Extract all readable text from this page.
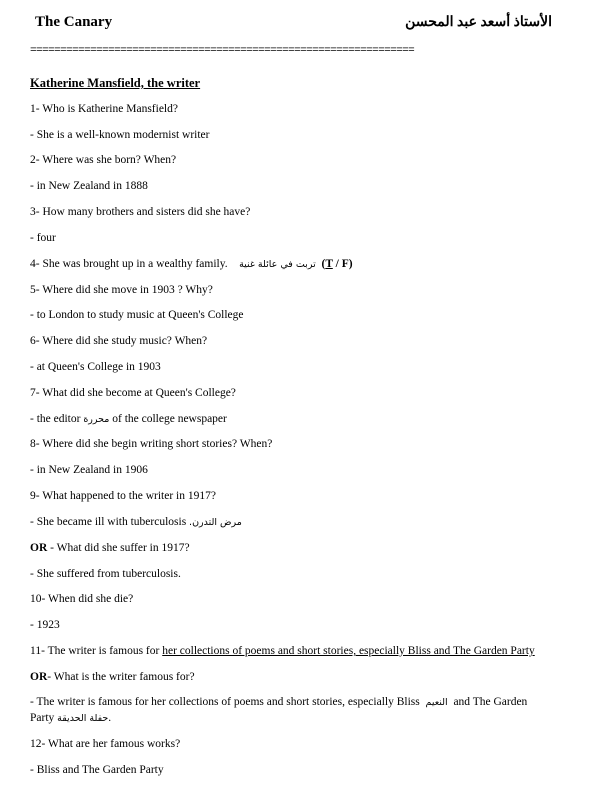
The Canary	الأستاذ أسعد عبد المحسن
================================================================
Katherine Mansfield, the writer
1- Who is Katherine Mansfield?
- She is a well-known modernist writer
2- Where was she born? When?
- in New Zealand in 1888
3- How many brothers and sisters did she have?
- four
4- She was brought up in a wealthy family. تربت في عائلة غنية (T / F)
5- Where did she move in 1903 ? Why?
- to London to study music at Queen's College
6- Where did she study music? When?
- at Queen's College in 1903
7- What did she become at Queen's College?
- the editor محررة of the college newspaper
8- Where did she begin writing short stories? When?
- in New Zealand in 1906
9- What happened to the writer in 1917?
- She became ill with tuberculosis مرض التدرن.
OR - What did she suffer in 1917?
- She suffered from tuberculosis.
10- When did she die?
- 1923
11- The writer is famous for her collections of poems and short stories, especially Bliss and The Garden Party
OR- What is the writer famous for?
- The writer is famous for her collections of poems and short stories, especially Bliss النعيم and The Garden
Party حفلة الحديقة.
12- What are her famous works?
- Bliss and The Garden Party
